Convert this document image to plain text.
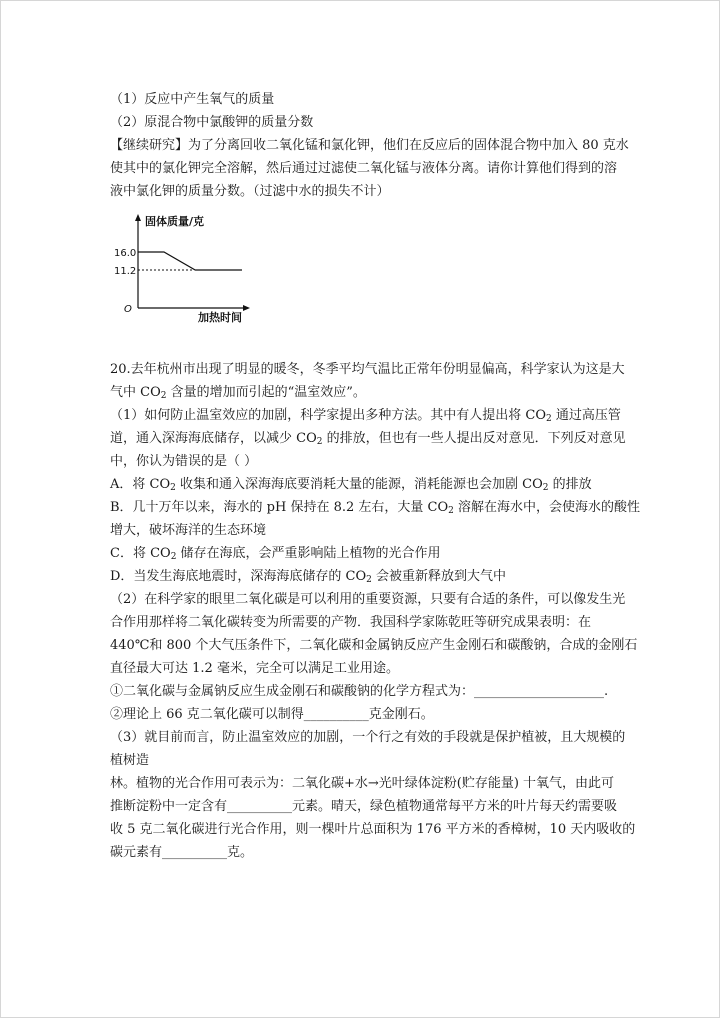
（1）反应中产生氧气的质量
（2）原混合物中氯酸钾的质量分数
【继续研究】为了分离回收二氧化锰和氯化钾，他们在反应后的固体混合物中加入 80 克水
使其中的氯化钾完全溶解，然后通过过滤使二氧化锰与液体分离。请你计算他们得到的溶
液中氯化钾的质量分数。（过滤中水的损失不计）
固体质量/克
加热时间
O
16.0
11.2
20.去年杭州市出现了明显的暖冬，冬季平均气温比正常年份明显偏高，科学家认为这是大
气中 $CO_2$ 含量的增加而引起的“温室效应”。
（1）如何防止温室效应的加剧，科学家提出多种方法。其中有人提出将 $CO_2$ 通过高压管
道，通入深海海底储存，以减少 $CO_2$ 的排放，但也有一些人提出反对意见．下列反对意见
中，你认为错误的是（ ）
A．将 $CO_2$ 收集和通入深海海底要消耗大量的能源，消耗能源也会加剧 $CO_2$ 的排放
B．几十万年以来，海水的 pH 保持在 8.2 左右，大量 $CO_2$ 溶解在海水中，会使海水的酸性
增大，破坏海洋的生态环境
C．将 $CO_2$ 储存在海底，会严重影响陆上植物的光合作用
D．当发生海底地震时，深海海底储存的 $CO_2$ 会被重新释放到大气中
（2）在科学家的眼里二氧化碳是可以利用的重要资源，只要有合适的条件，可以像发生光
合作用那样将二氧化碳转变为所需要的产物．我国科学家陈乾旺等研究成果表明：在
440℃和 800 个大气压条件下，二氧化碳和金属钠反应产生金刚石和碳酸钠，合成的金刚石
直径最大可达 1.2 毫米，完全可以满足工业用途。
①二氧化碳与金属钠反应生成金刚石和碳酸钠的化学方程式为：____________________.
②理论上 66 克二氧化碳可以制得__________克金刚石。
（3）就目前而言，防止温室效应的加剧，一个行之有效的手段就是保护植被，且大规模的
植树造
林。植物的光合作用可表示为：二氧化碳+水→光叶绿体淀粉(贮存能量) 十氧气，由此可
推断淀粉中一定含有__________元素。晴天，绿色植物通常每平方米的叶片每天约需要吸
收 5 克二氧化碳进行光合作用，则一棵叶片总面积为 176 平方米的香樟树，10 天内吸收的
碳元素有__________克。
